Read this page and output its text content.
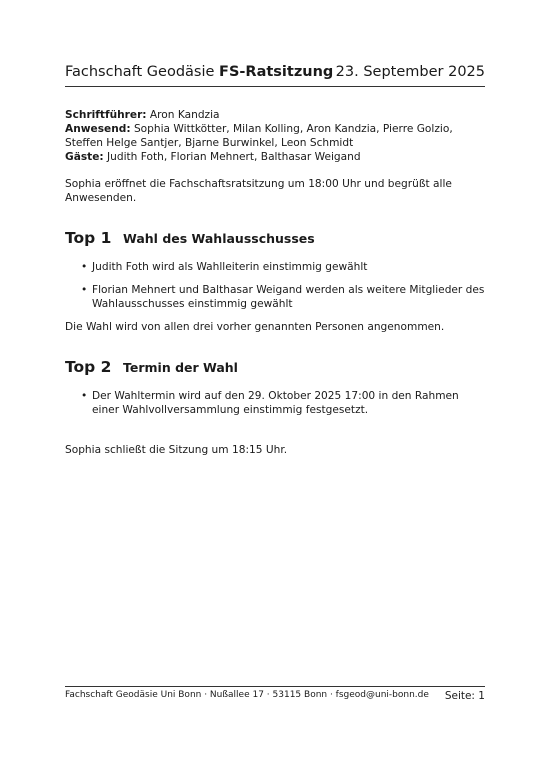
Fachschaft Geodäsie FS-Ratsitzung 23. September 2025

Schriftführer: Aron Kandzia

Anwesend: Sophia Wittkötter, Milan Kolling, Aron Kandzia, Pierre Golzio, Steffen Helge Santjer, Bjarne Burwinkel, Leon Schmidt

Gäste: Judith Foth, Florian Mehnert, Balthasar Weigand

Sophia eröffnet die Fachschaftsratsitzung um 18:00 Uhr und begrüßt alle Anwesenden.

Top 1 Wahl des Wahlausschusses
• Judith Foth wird als Wahlleiterin einstimmig gewählt
• Florian Mehnert und Balthasar Weigand werden als weitere Mitglieder des Wahlausschusses einstimmig gewählt

Die Wahl wird von allen drei vorher genannten Personen angenommen.

Top 2 Termin der Wahl
• Der Wahltermin wird auf den 29. Oktober 2025 17:00 in den Rahmen einer Wahlvollversammlung einstimmig festgesetzt.

Sophia schließt die Sitzung um 18:15 Uhr.

Fachschaft Geodäsie Uni Bonn · Nußallee 17 · 53115 Bonn · fsgeod@uni-bonn.de Seite: 1
